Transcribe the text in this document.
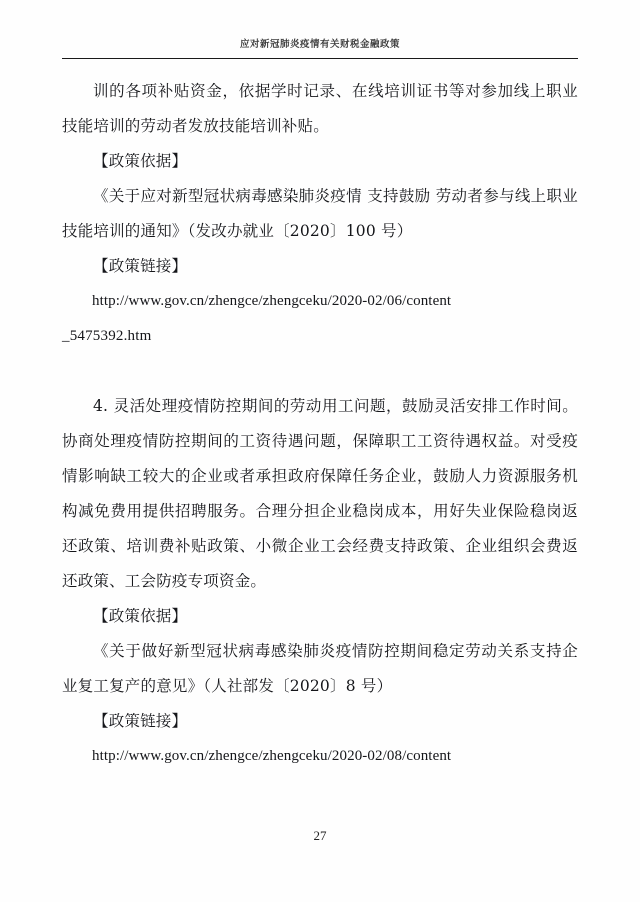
应对新冠肺炎疫情有关财税金融政策

训的各项补贴资金，依据学时记录、在线培训证书等对参加线上职业技能培训的劳动者发放技能培训补贴。

【政策依据】

《关于应对新型冠状病毒感染肺炎疫情 支持鼓励 劳动者参与线上职业技能培训的通知》（发改办就业〔2020〕100 号）

【政策链接】

http://www.gov.cn/zhengce/zhengceku/2020-02/06/content

_5475392.htm

4. 灵活处理疫情防控期间的劳动用工问题，鼓励灵活安排工作时间。协商处理疫情防控期间的工资待遇问题，保障职工工资待遇权益。对受疫情影响缺工较大的企业或者承担政府保障任务企业，鼓励人力资源服务机构减免费用提供招聘服务。合理分担企业稳岗成本，用好失业保险稳岗返还政策、培训费补贴政策、小微企业工会经费支持政策、企业组织会费返还政策、工会防疫专项资金。

【政策依据】

《关于做好新型冠状病毒感染肺炎疫情防控期间稳定劳动关系支持企业复工复产的意见》（人社部发〔2020〕8 号）

【政策链接】

http://www.gov.cn/zhengce/zhengceku/2020-02/08/content

27
